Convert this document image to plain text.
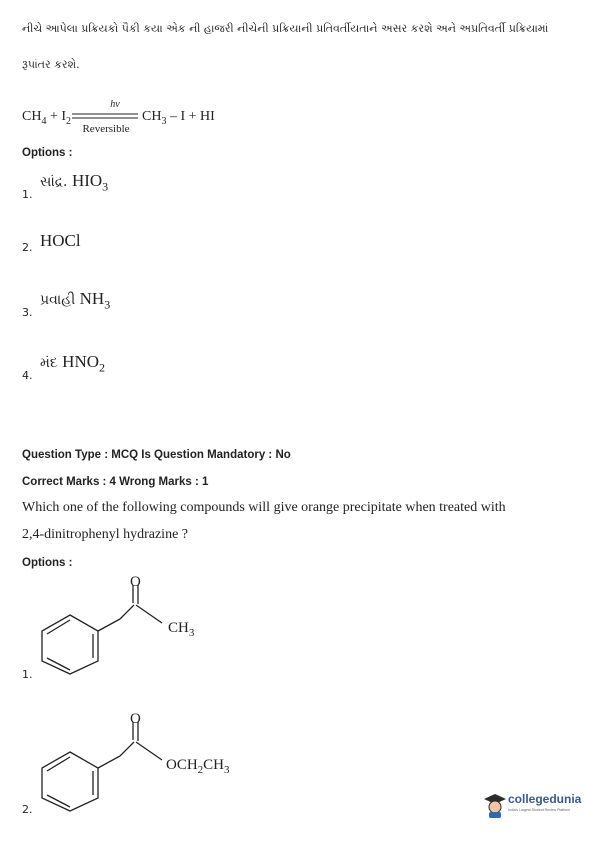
નીચે આપેલા પ્રક્રિયકો પૈકી કયા એક ની હાજરી નીચેની પ્રક્રિયાની પ્રતિવર્તીયતાને અસર કરશે અને અપ્રતિવર્તી પ્રક્રિયામાં
રૂપાંતર કરશે.
$CH_4 + I_2$
hν
Reversible
$CH_3$ – I + HI
Options :
1.
સાંદ્ર. $HIO_3$
2. HOCl
3.
પ્રવાહી $NH_3$
4.
મંદ $HNO_2$
Question Type : MCQ Is Question Mandatory : No
Correct Marks : 4 Wrong Marks : 1
Which one of the following compounds will give orange precipitate when treated with
2,4-dinitrophenyl hydrazine ?
Options :
O
$CH_3$
1.
O
$OCH_2CH_3$
2.
collegedunia
India's Largest Student Review Platform
